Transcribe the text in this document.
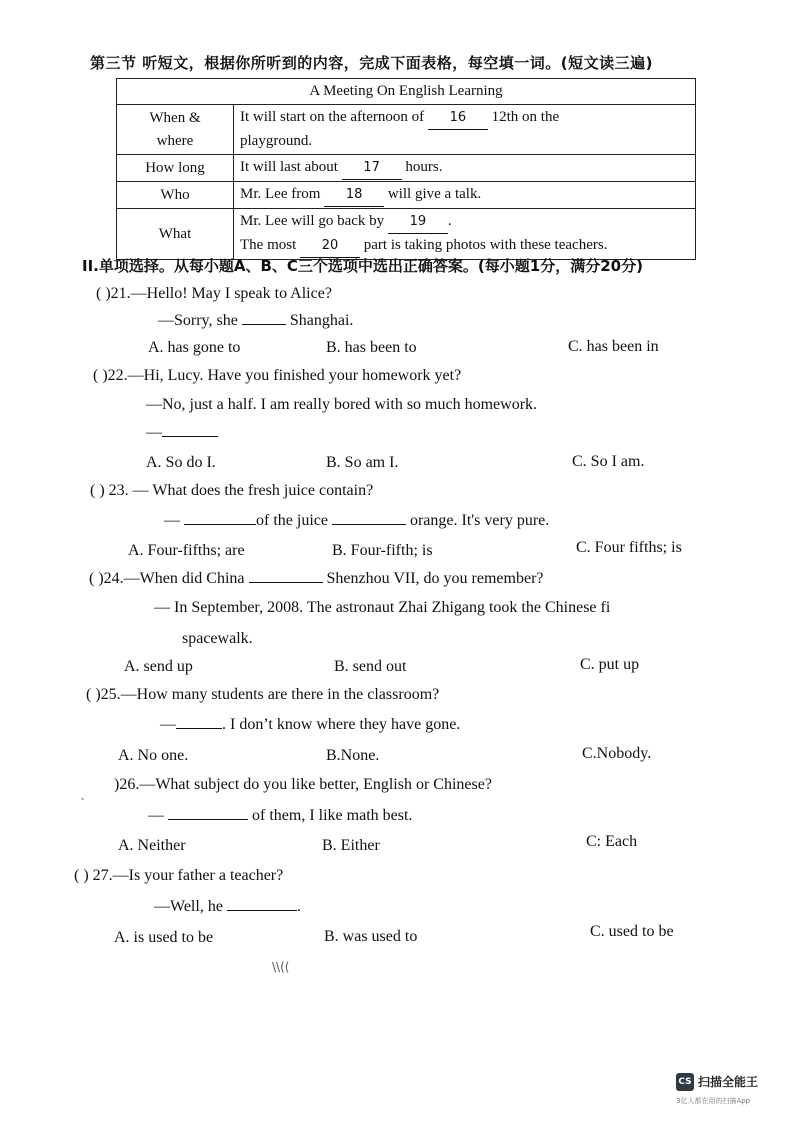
第三节 听短文，根据你所听到的内容，完成下面表格，每空填一词。(短文读三遍)
A Meeting On English Learning	
When &
where	It will start on the afternoon of 16 12th on the
playground.
How long	It will last about 17 hours.
Who	Mr. Lee from 18 will give a talk.
What	Mr. Lee will go back by 19 .
The most 20 part is taking photos with these teachers.
II.单项选择。从每小题A、B、C三个选项中选出正确答案。(每小题1分，满分20分)
( )21.—Hello! May I speak to Alice?
—Sorry, she	Shanghai.
A. has gone to	B. has been to	C. has been in
( )22.—Hi, Lucy. Have you finished your homework yet?
—No, just a half. I am really bored with so much homework.
—
A. So do I.	B. So am I.	C. So I am.
( ) 23. — What does the fresh juice contain?
—	of the juice	orange. It's very pure.
A. Four-fifths; are	B. Four-fifth; is	C. Four fifths; is
( )24.—When did China	Shenzhou VII, do you remember?
— In September, 2008. The astronaut Zhai Zhigang took the Chinese fi
spacewalk.
A. send up	B. send out	C. put up
( )25.—How many students are there in the classroom?
—	. I don’t know where they have gone.
A. No one.	B.None.	C.Nobody.
ˎ )26.—What subject do you like better, English or Chinese?
—	of them, I like math best.
A. Neither	B. Either	C: Each
( ) 27.—Is your father a teacher?
—Well, he	.
A. is used to be	B. was used to	C. used to be
\\((
CS 扫描全能王
3亿人都在用的扫描App
